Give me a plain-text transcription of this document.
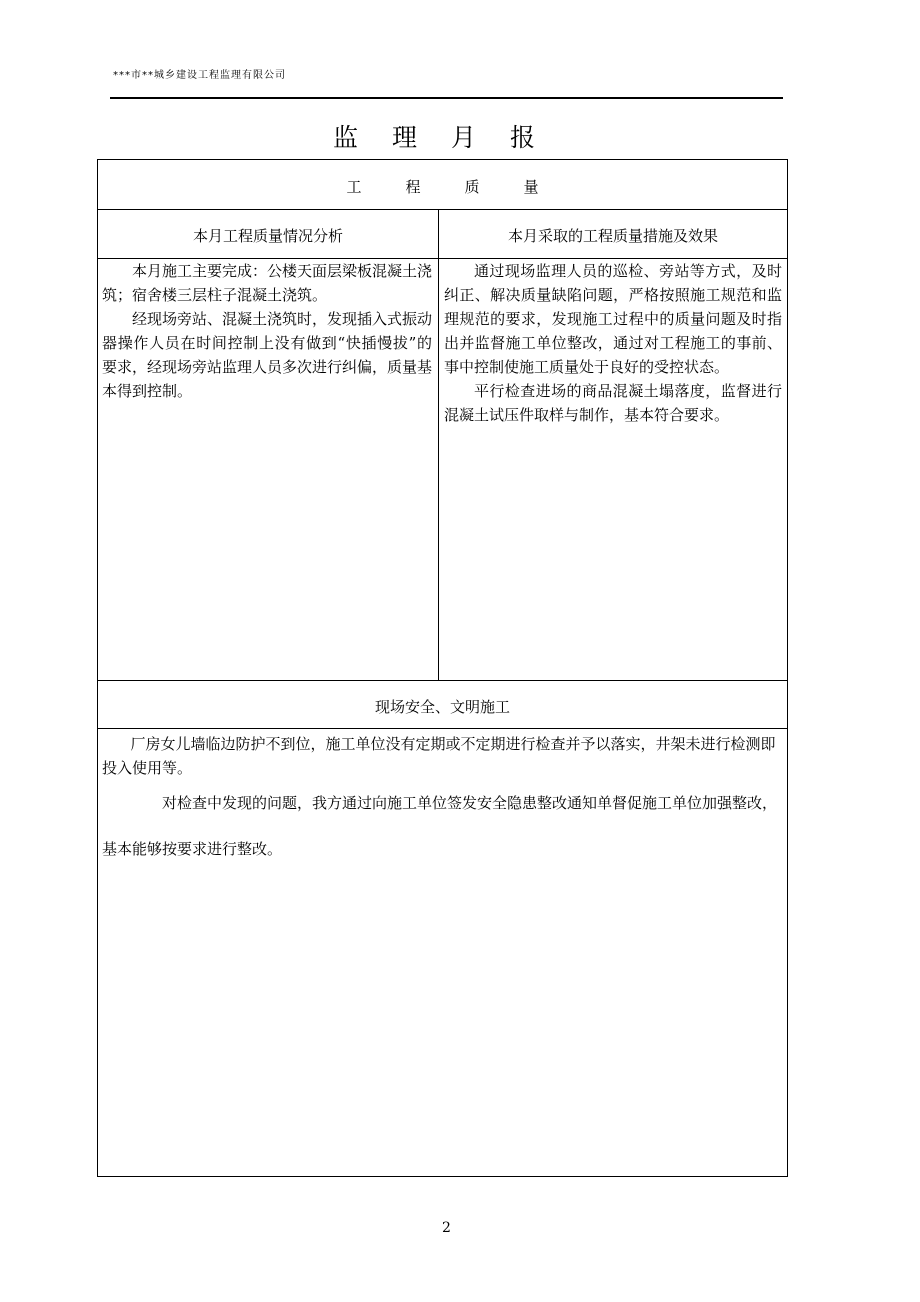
***市**城乡建设工程监理有限公司
监理月报
工程质量
本月工程质量情况分析	本月采取的工程质量措施及效果

本月施工主要完成：公楼天面层梁板混凝土浇筑；宿舍楼三层柱子混凝土浇筑。

经现场旁站、混凝土浇筑时，发现插入式振动器操作人员在时间控制上没有做到“快插慢拔”的要求，经现场旁站监理人员多次进行纠偏，质量基本得到控制。

通过现场监理人员的巡检、旁站等方式，及时纠正、解决质量缺陷问题，严格按照施工规范和监理规范的要求，发现施工过程中的质量问题及时指出并监督施工单位整改，通过对工程施工的事前、事中控制使施工质量处于良好的受控状态。

平行检查进场的商品混凝土塌落度，监督进行混凝土试压件取样与制作，基本符合要求。

现场安全、文明施工

厂房女儿墙临边防护不到位，施工单位没有定期或不定期进行检查并予以落实，井架未进行检测即投入使用等。

对检查中发现的问题，我方通过向施工单位签发安全隐患整改通知单督促施工单位加强整改，基本能够按要求进行整改。

2
